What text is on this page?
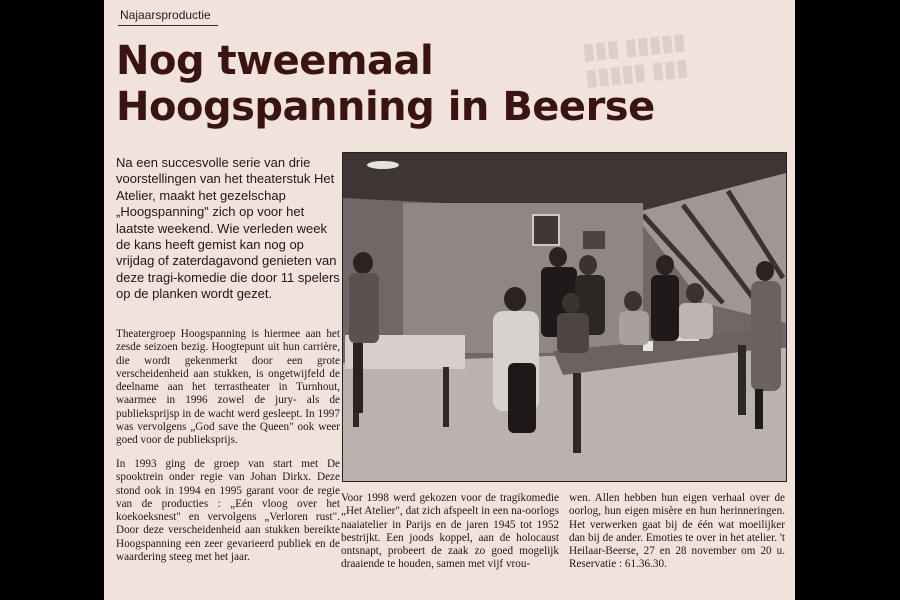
▮▮▮ ▮▮▮▮▮
▮▮▮▮▮ ▮▮▮
Najaarsproductie
Nog tweemaal
Hoogspanning in Beerse

Na een succesvolle serie van drie voorstellingen van het theaterstuk Het Atelier, maakt het gezelschap „Hoogspanning" zich op voor het laatste weekend. Wie verleden week de kans heeft gemist kan nog op vrijdag of zaterdagavond genieten van deze tragi-komedie die door 11 spelers op de planken wordt gezet.

Theatergroep Hoogspanning is hiermee aan het zesde seizoen bezig. Hoogtepunt uit hun carrière, die wordt gekenmerkt door een grote verscheidenheid aan stukken, is ongetwijfeld de deelname aan het terrastheater in Turnhout, waarmee in 1996 zowel de jury- als de publieksprijsp in de wacht werd gesleept. In 1997 was vervolgens „God save the Queen" ook weer goed voor de publieksprijs.

In 1993 ging de groep van start met De spooktrein onder regie van Johan Dirkx. Deze stond ook in 1994 en 1995 garant voor de regie van de producties : „Eén vloog over het koekoeksnest" en vervolgens „Verloren rust". Door deze verscheidenheid aan stukken bereikte Hoogspanning een zeer gevarieerd publiek en de waardering steeg met het jaar.

Voor 1998 werd gekozen voor de tragikomedie „Het Atelier", dat zich afspeelt in een na-oorlogs naaiatelier in Parijs en de jaren 1945 tot 1952 bestrijkt. Een joods koppel, aan de holocaust ontsnapt, probeert de zaak zo goed mogelijk draaiende te houden, samen met vijf vrou-

wen. Allen hebben hun eigen verhaal over de oorlog, hun eigen misère en hun herinneringen. Het verwerken gaat bij de één wat moeilijker dan bij de ander. Emoties te over in het atelier. 't Heilaar-Beerse, 27 en 28 november om 20 u. Reservatie : 61.36.30.
